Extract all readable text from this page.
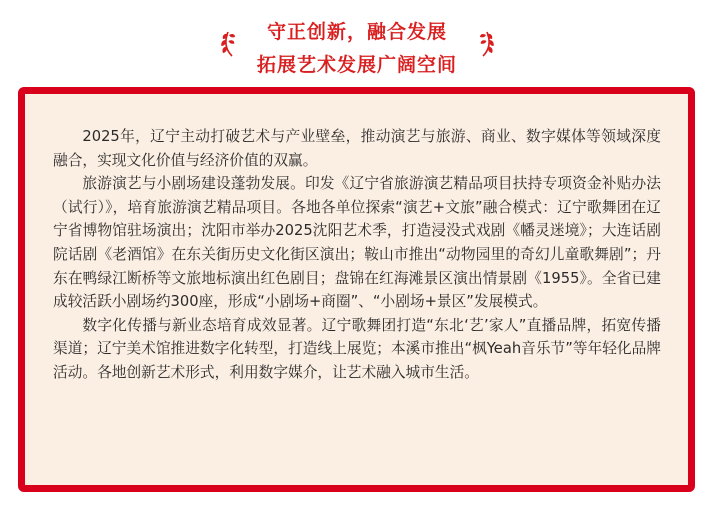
守正创新，融合发展
拓展艺术发展广阔空间

2025年，辽宁主动打破艺术与产业壁垒，推动演艺与旅游、商业、数字媒体等领域深度融合，实现文化价值与经济价值的双赢。

旅游演艺与小剧场建设蓬勃发展。印发《辽宁省旅游演艺精品项目扶持专项资金补贴办法（试行）》，培育旅游演艺精品项目。各地各单位探索“演艺+文旅”融合模式：辽宁歌舞团在辽宁省博物馆驻场演出；沈阳市举办2025沈阳艺术季，打造浸没式戏剧《幡灵迷境》；大连话剧院话剧《老酒馆》在东关街历史文化街区演出；鞍山市推出“动物园里的奇幻儿童歌舞剧”；丹东在鸭绿江断桥等文旅地标演出红色剧目；盘锦在红海滩景区演出情景剧《1955》。全省已建成较活跃小剧场约300座，形成“小剧场+商圈”、“小剧场+景区”发展模式。

数字化传播与新业态培育成效显著。辽宁歌舞团打造“东北‘艺’家人”直播品牌，拓宽传播渠道；辽宁美术馆推进数字化转型，打造线上展览；本溪市推出“枫Yeah音乐节”等年轻化品牌活动。各地创新艺术形式，利用数字媒介，让艺术融入城市生活。
